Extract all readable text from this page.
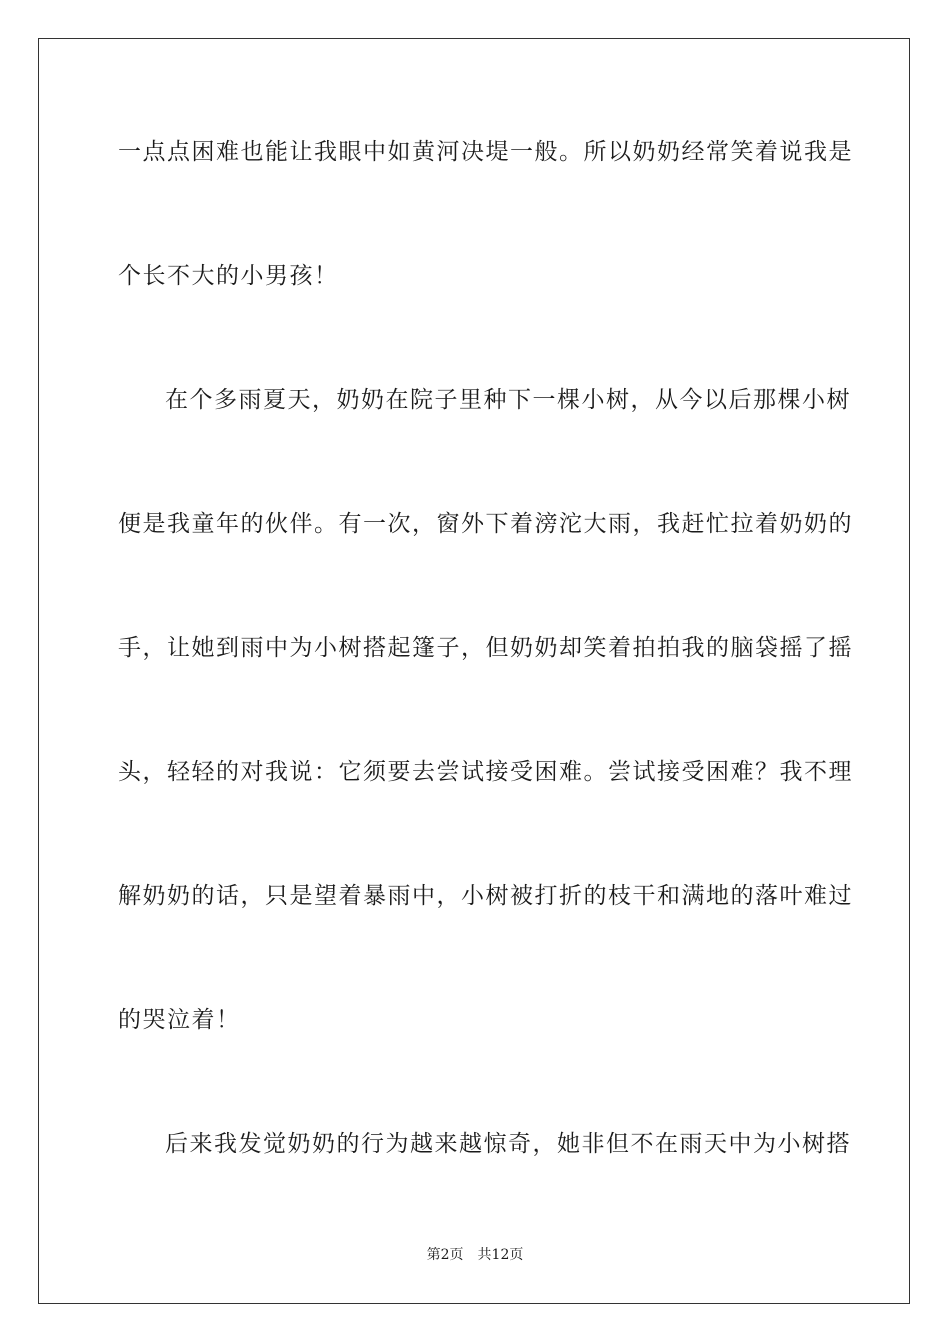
一点点困难也能让我眼中如黄河决堤一般。所以奶奶经常笑着说我是
个长不大的小男孩！
在个多雨夏天，奶奶在院子里种下一棵小树，从今以后那棵小树
便是我童年的伙伴。有一次，窗外下着滂沱大雨，我赶忙拉着奶奶的
手，让她到雨中为小树搭起篷子，但奶奶却笑着拍拍我的脑袋摇了摇
头，轻轻的对我说：它须要去尝试接受困难。尝试接受困难？我不理
解奶奶的话，只是望着暴雨中，小树被打折的枝干和满地的落叶难过
的哭泣着！
后来我发觉奶奶的行为越来越惊奇，她非但不在雨天中为小树搭
第2页 共12页
